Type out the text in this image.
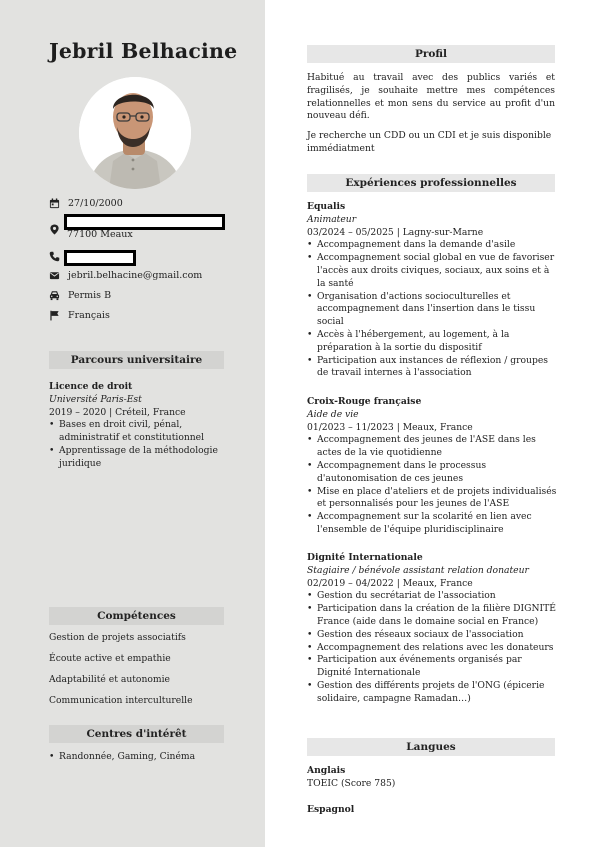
Jebril Belhacine
27/10/2000
77100 Meaux
jebril.belhacine@gmail.com
Permis B
Français
Parcours universitaire
Licence de droit
Université Paris-Est
2019 – 2020 | Créteil, France
• Bases en droit civil, pénal, administratif et constitutionnel
• Apprentissage de la méthodologie juridique
Compétences
Gestion de projets associatifs
Écoute active et empathie
Adaptabilité et autonomie
Communication interculturelle
Centres d'intérêt
• Randonnée, Gaming, Cinéma
Profil
Habitué au travail avec des publics variés et fragilisés, je souhaite mettre mes compétences relationnelles et mon sens du service au profit d'un nouveau défi.
Je recherche un CDD ou un CDI et je suis disponible immédiatment
Expériences professionnelles
Equalis
Animateur
03/2024 – 05/2025 | Lagny-sur-Marne
• Accompagnement dans la demande d'asile
• Accompagnement social global en vue de favoriser l'accès aux droits civiques, sociaux, aux soins et à la santé
• Organisation d'actions socioculturelles et accompagnement dans l'insertion dans le tissu social
• Accès à l'hébergement, au logement, à la préparation à la sortie du dispositif
• Participation aux instances de réflexion / groupes de travail internes à l'association
Croix-Rouge française
Aide de vie
01/2023 – 11/2023 | Meaux, France
• Accompagnement des jeunes de l'ASE dans les actes de la vie quotidienne
• Accompagnement dans le processus d'autonomisation de ces jeunes
• Mise en place d'ateliers et de projets individualisés et personnalisés pour les jeunes de l'ASE
• Accompagnement sur la scolarité en lien avec l'ensemble de l'équipe pluridisciplinaire
Dignité Internationale
Stagiaire / bénévole assistant relation donateur
02/2019 – 04/2022 | Meaux, France
• Gestion du secrétariat de l'association
• Participation dans la création de la filière DIGNITÉ France (aide dans le domaine social en France)
• Gestion des réseaux sociaux de l'association
• Accompagnement des relations avec les donateurs
• Participation aux événements organisés par Dignité Internationale
• Gestion des différents projets de l'ONG (épicerie solidaire, campagne Ramadan…)
Langues
Anglais
TOEIC (Score 785)
Espagnol
